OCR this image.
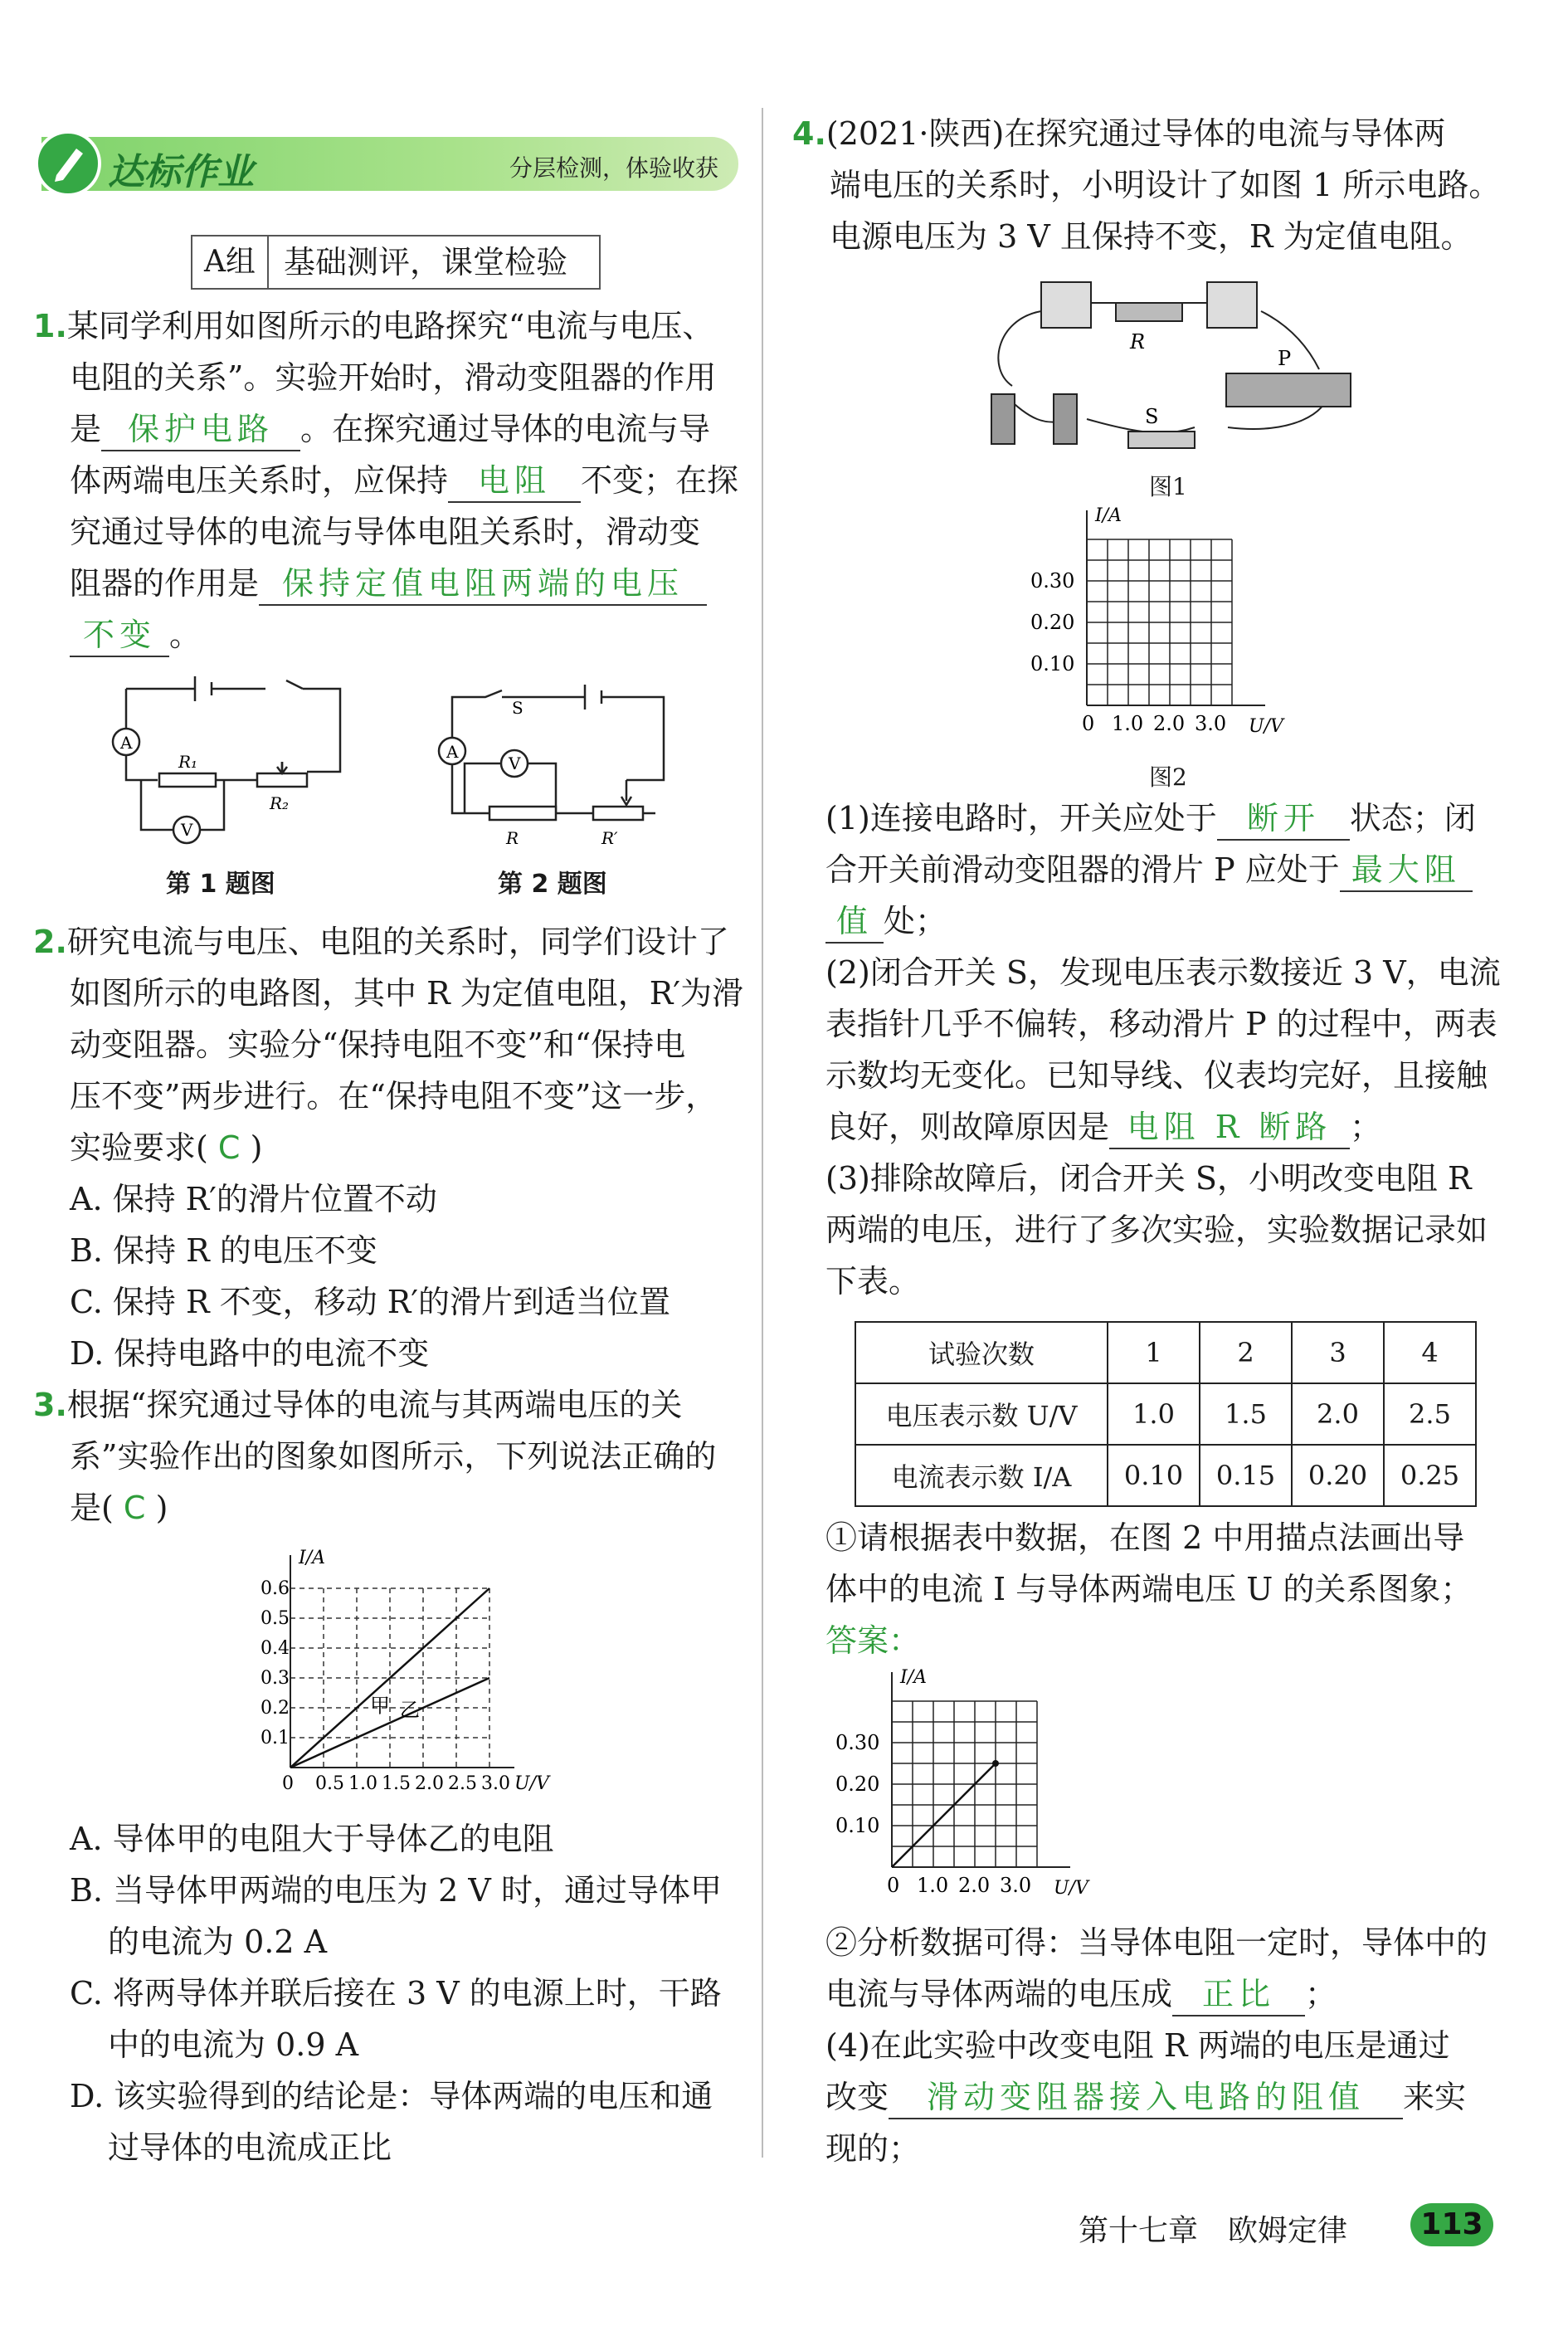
达标作业	分层检测，体验收获
A组 基础测评，课堂检验
1.某同学利用如图所示的电路探究“电流与电压、
电阻的关系”。实验开始时，滑动变阻器的作用
是 保护电路 。在探究通过导体的电流与导
体两端电压关系时，应保持 电阻 不变；在探
究通过导体的电流与导体电阻关系时，滑动变
阻器的作用是 保持定值电阻两端的电压
不变 。
A
R₁
R₂
V
第 1 题图
S
A
V
R	R′
第 2 题图
2.研究电流与电压、电阻的关系时，同学们设计了
如图所示的电路图，其中 R 为定值电阻，R′为滑
动变阻器。实验分“保持电阻不变”和“保持电
压不变”两步进行。在“保持电阻不变”这一步，
实验要求( C )
A. 保持 R′的滑片位置不动
B. 保持 R 的电压不变
C. 保持 R 不变，移动 R′的滑片到适当位置
D. 保持电路中的电流不变
3.根据“探究通过导体的电流与其两端电压的关
系”实验作出的图象如图所示，下列说法正确的
是( C )
0 0.5 1.0 1.5 2.0 2.5 3.0
0.1
0.2
0.3
0.4
0.5
0.6
U/V
I/A
甲 乙
A. 导体甲的电阻大于导体乙的电阻
B. 当导体甲两端的电压为 2 V 时，通过导体甲
的电流为 0.2 A
C. 将两导体并联后接在 3 V 的电源上时，干路
中的电流为 0.9 A
D. 该实验得到的结论是：导体两端的电压和通
过导体的电流成正比
4.(2021·陕西)在探究通过导体的电流与导体两
端电压的关系时，小明设计了如图 1 所示电路。
电源电压为 3 V 且保持不变，R 为定值电阻。
R
P
S
图1
0 1.0 2.0 3.0
0.10
0.20
0.30
U/V
I/A
图2
(1)连接电路时，开关应处于 断开 状态；闭
合开关前滑动变阻器的滑片 P 应处于 最大阻
值 处；
(2)闭合开关 S，发现电压表示数接近 3 V，电流
表指针几乎不偏转，移动滑片 P 的过程中，两表
示数均无变化。已知导线、仪表均完好，且接触
良好，则故障原因是 电阻 R 断路 ；
(3)排除故障后，闭合开关 S，小明改变电阻 R
两端的电压，进行了多次实验，实验数据记录如
下表。
试验次数	1	2	3	4
电压表示数 U/V	1.0	1.5	2.0	2.5
电流表示数 I/A	0.10	0.15	0.20	0.25
①请根据表中数据，在图 2 中用描点法画出导
体中的电流 I 与导体两端电压 U 的关系图象；
答案：
0 1.0 2.0 3.0
0.10
0.20
0.30
U/V
I/A
②分析数据可得：当导体电阻一定时，导体中的
电流与导体两端的电压成 正比 ；
(4)在此实验中改变电阻 R 两端的电压是通过
改变 滑动变阻器接入电路的阻值 来实
现的；
第十七章　欧姆定律	113
